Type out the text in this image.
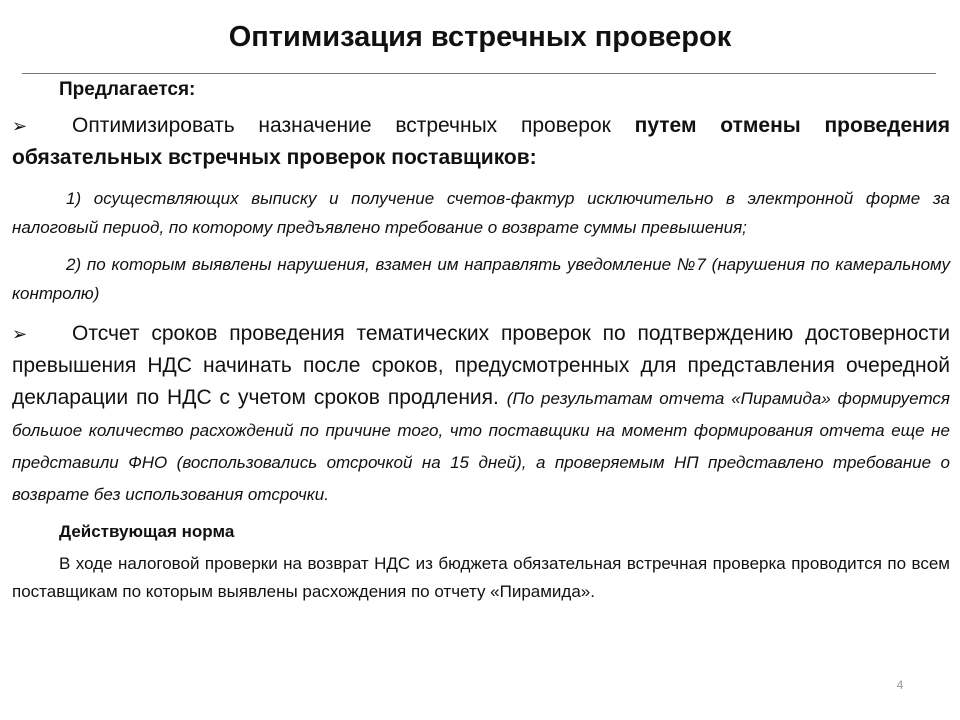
Оптимизация встречных проверок

Предлагается:

➢ Оптимизировать назначение встречных проверок путем отмены проведения обязательных встречных проверок поставщиков:

1) осуществляющих выписку и получение счетов-фактур исключительно в электронной форме за налоговый период, по которому предъявлено требование о возврате суммы превышения;

2) по которым выявлены нарушения, взамен им направлять уведомление №7 (нарушения по камеральному контролю)

➢ Отсчет сроков проведения тематических проверок по подтверждению достоверности превышения НДС начинать после сроков, предусмотренных для представления очередной декларации по НДС с учетом сроков продления. (По результатам отчета «Пирамида» формируется большое количество расхождений по причине того, что поставщики на момент формирования отчета еще не представили ФНО (воспользовались отсрочкой на 15 дней), а проверяемым НП представлено требование о возврате без использования отсрочки.

Действующая норма

В ходе налоговой проверки на возврат НДС из бюджета обязательная встречная проверка проводится по всем поставщикам по которым выявлены расхождения по отчету «Пирамида».

4
